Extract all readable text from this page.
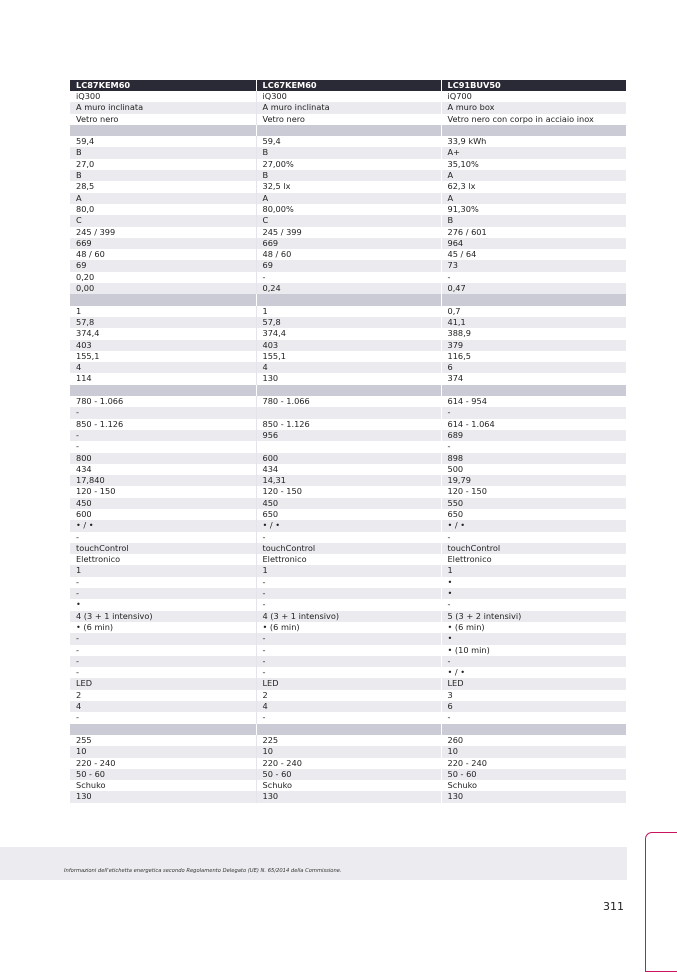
LC87KEM60	LC67KEM60	LC91BUV50
iQ300	iQ300	iQ700
A muro inclinata	A muro inclinata	A muro box
Vetro nero	Vetro nero	Vetro nero con corpo in acciaio inox

59,4	59,4	33,9 kWh
B	B	A+
27,0	27,00%	35,10%
B	B	A
28,5	32,5 lx	62,3 lx
A	A	A
80,0	80,00%	91,30%
C	C	B
245 / 399	245 / 399	276 / 601
669	669	964
48 / 60	48 / 60	45 / 64
69	69	73
0,20	-	-
0,00	0,24	0,47

1	1	0,7
57,8	57,8	41,1
374,4	374,4	388,9
403	403	379
155,1	155,1	116,5
4	4	6
114	130	374

780 - 1.066	780 - 1.066	614 - 954
-		-
850 - 1.126	850 - 1.126	614 - 1.064
-	956	689
-		-
800	600	898
434	434	500
17,840	14,31	19,79
120 - 150	120 - 150	120 - 150
450	450	550
600	650	650
• / •	• / •	• / •
-	-	-
touchControl	touchControl	touchControl
Elettronico	Elettronico	Elettronico
1	1	1
-	-	•
-	-	•
•	-	-
4 (3 + 1 intensivo)	4 (3 + 1 intensivo)	5 (3 + 2 intensivi)
• (6 min)	• (6 min)	• (6 min)
-	-	•
-	-	• (10 min)
-	-	-
-	-	• / •
LED	LED	LED
2	2	3
4	4	6
-	-	-

255	225	260
10	10	10
220 - 240	220 - 240	220 - 240
50 - 60	50 - 60	50 - 60
Schuko	Schuko	Schuko
130	130	130
Informazioni dell'etichetta energetica secondo Regolamento Delegato (UE) N. 65/2014 della Commissione.
311
